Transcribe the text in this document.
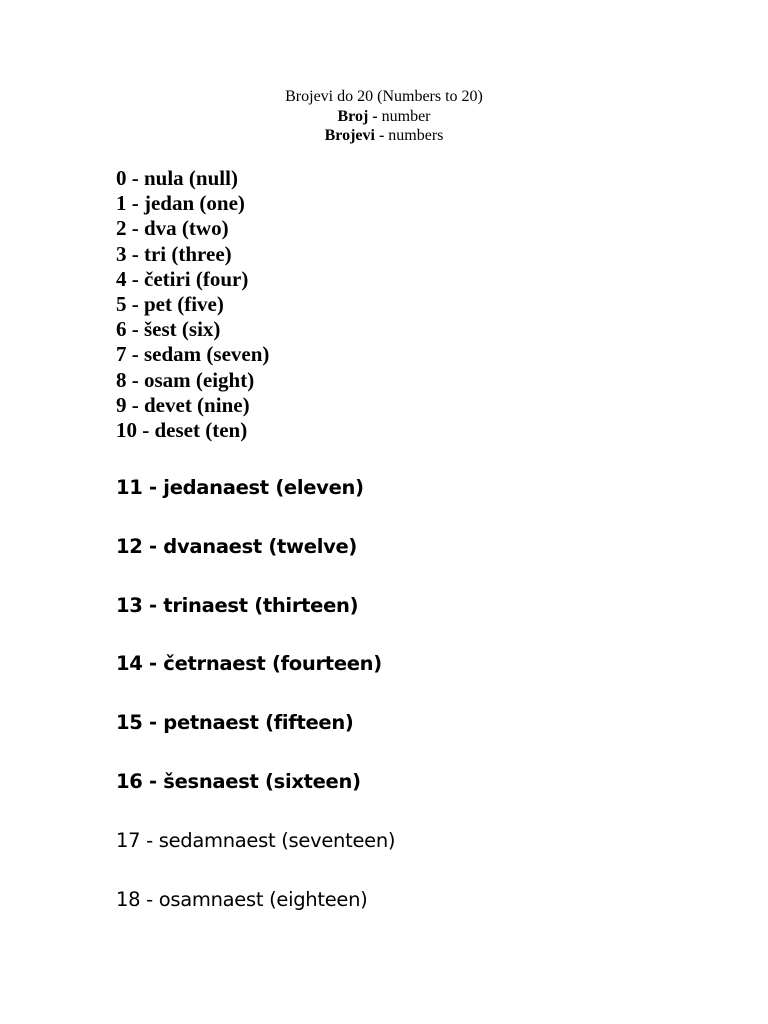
Brojevi do 20 (Numbers to 20)
Broj - number
Brojevi - numbers
0 - nula (null)
1 - jedan (one)
2 - dva (two)
3 - tri (three)
4 - četiri (four)
5 - pet (five)
6 - šest (six)
7 - sedam (seven)
8 - osam (eight)
9 - devet (nine)
10 - deset (ten)
11 - jedanaest (eleven)
12 - dvanaest (twelve)
13 - trinaest (thirteen)
14 - četrnaest (fourteen)
15 - petnaest (fifteen)
16 - šesnaest (sixteen)
17 - sedamnaest (seventeen)
18 - osamnaest (eighteen)
